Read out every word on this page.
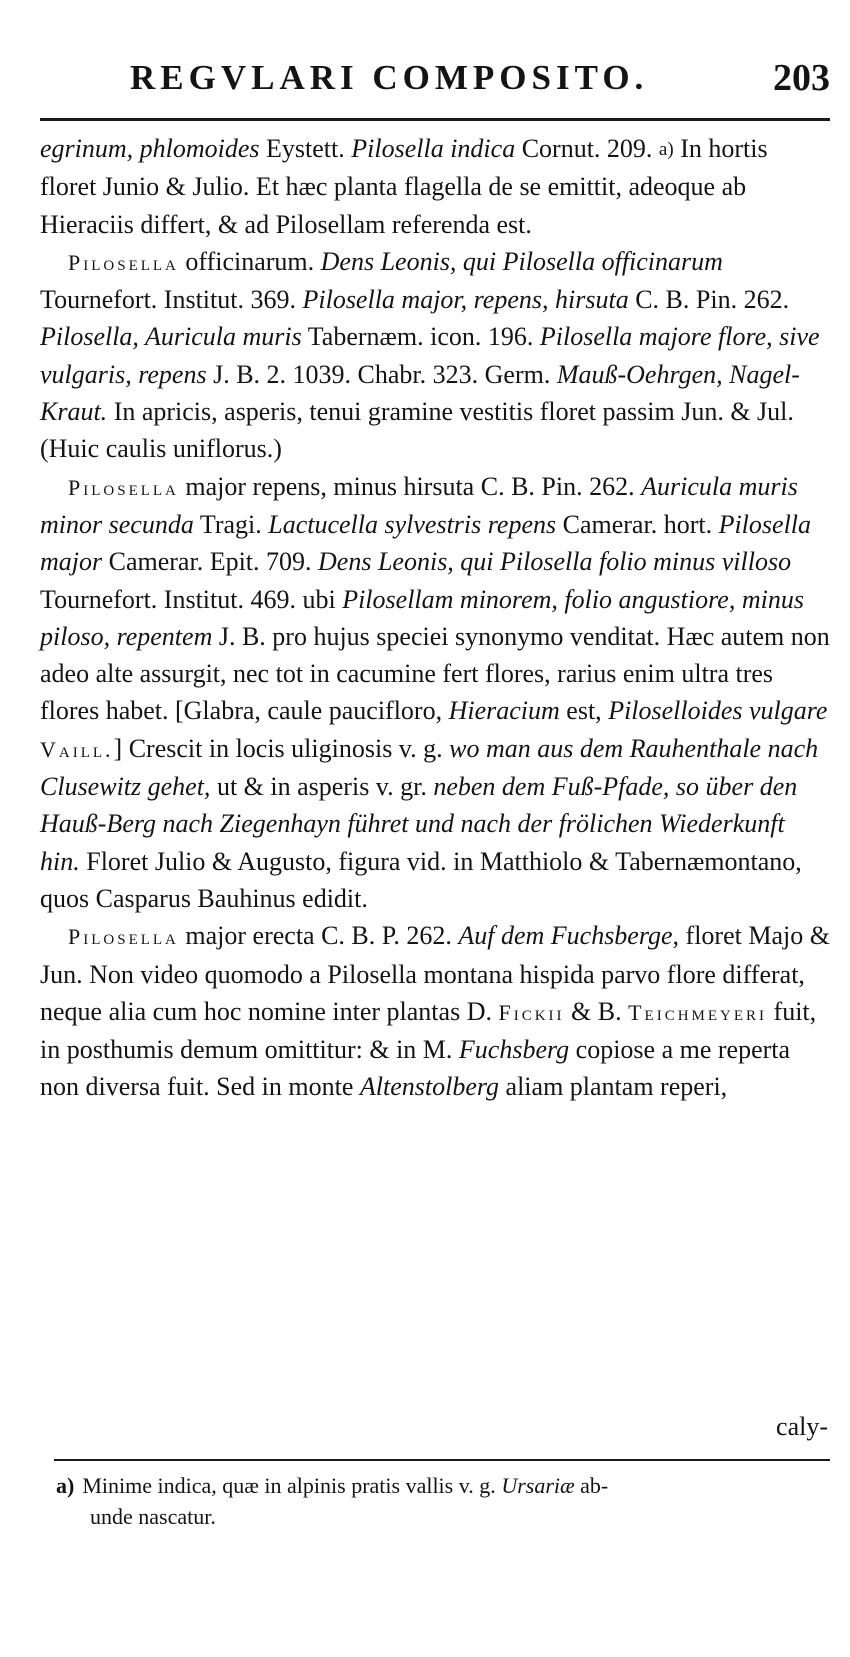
REGVLARI COMPOSITO.	203

egrinum, phlomoides Eystett. Pilosella indica Cornut. 209. a) In hortis floret Junio & Julio. Et hæc planta flagella de se emittit, adeoque ab Hieraciis differt, & ad Pilosellam referenda est.

Pilosella officinarum. Dens Leonis, qui Pilosella officinarum Tournefort. Institut. 369. Pilosella major, repens, hirsuta C. B. Pin. 262. Pilosella, Auricula muris Tabernæm. icon. 196. Pilosella majore flore, sive vulgaris, repens J. B. 2. 1039. Chabr. 323. Germ. Mauß-Oehrgen, Nagel-Kraut. In apricis, asperis, tenui gramine vestitis floret passim Jun. & Jul. (Huic caulis uniflorus.)

Pilosella major repens, minus hirsuta C. B. Pin. 262. Auricula muris minor secunda Tragi. Lactucella sylvestris repens Camerar. hort. Pilosella major Camerar. Epit. 709. Dens Leonis, qui Pilosella folio minus villoso Tournefort. Institut. 469. ubi Pilosellam minorem, folio angustiore, minus piloso, repentem J. B. pro hujus speciei synonymo venditat. Hæc autem non adeo alte assurgit, nec tot in cacumine fert flores, rarius enim ultra tres flores habet. [Glabra, caule paucifloro, Hieracium est, Piloselloides vulgare Vaill.] Crescit in locis uliginosis v. g. wo man aus dem Rauhenthale nach Clusewitz gehet, ut & in asperis v. gr. neben dem Fuß-Pfade, so über den Hauß-Berg nach Ziegenhayn führet und nach der frölichen Wiederkunft hin. Floret Julio & Augusto, figura vid. in Matthiolo & Tabernæmontano, quos Casparus Bauhinus edidit.

Pilosella major erecta C. B. P. 262. Auf dem Fuchsberge, floret Majo & Jun. Non video quomodo a Pilosella montana hispida parvo flore differat, neque alia cum hoc nomine inter plantas D. Fickii & B. Teichmeyeri fuit, in posthumis demum omittitur: & in M. Fuchsberg copiose a me reperta non diversa fuit. Sed in monte Altenstolberg aliam plantam reperi,

caly-
a) Minime indica, quæ in alpinis pratis vallis v. g. Ursariæ ab-
unde nascatur.
